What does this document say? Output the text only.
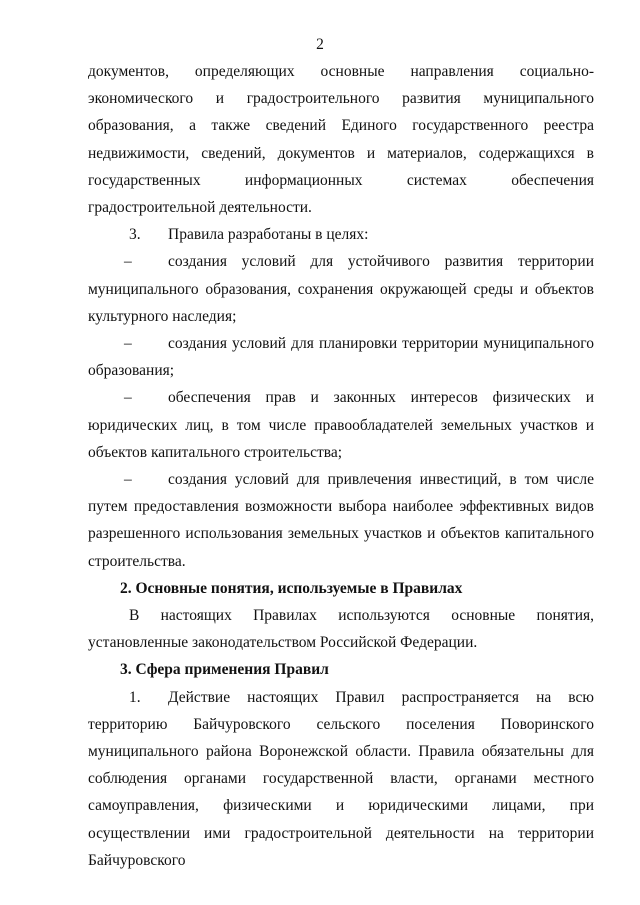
2

документов, определяющих основные направления социально-экономического и градостроительного развития муниципального образования, а также сведений Единого государственного реестра недвижимости, сведений, документов и материалов, содержащихся в государственных информационных системах обеспечения градостроительной деятельности.

3.	Правила разработаны в целях:
–	создания условий для устойчивого развития территории

муниципального образования, сохранения окружающей среды и объектов культурного наследия;

–	создания условий для планировки территории муниципального

образования;

–	обеспечения прав и законных интересов физических и

юридических лиц, в том числе правообладателей земельных участков и объектов капитального строительства;

–	создания условий для привлечения инвестиций, в том числе

путем предоставления возможности выбора наиболее эффективных видов разрешенного использования земельных участков и объектов капитального строительства.

2. Основные понятия, используемые в Правилах

В настоящих Правилах используются основные понятия, установленные законодательством Российской Федерации.

3. Сфера применения Правил

1.	Действие настоящих Правил распространяется на всю

территорию Байчуровского сельского поселения Поворинского муниципального района Воронежской области. Правила обязательны для соблюдения органами государственной власти, органами местного самоуправления, физическими и юридическими лицами, при осуществлении ими градостроительной деятельности на территории Байчуровского
